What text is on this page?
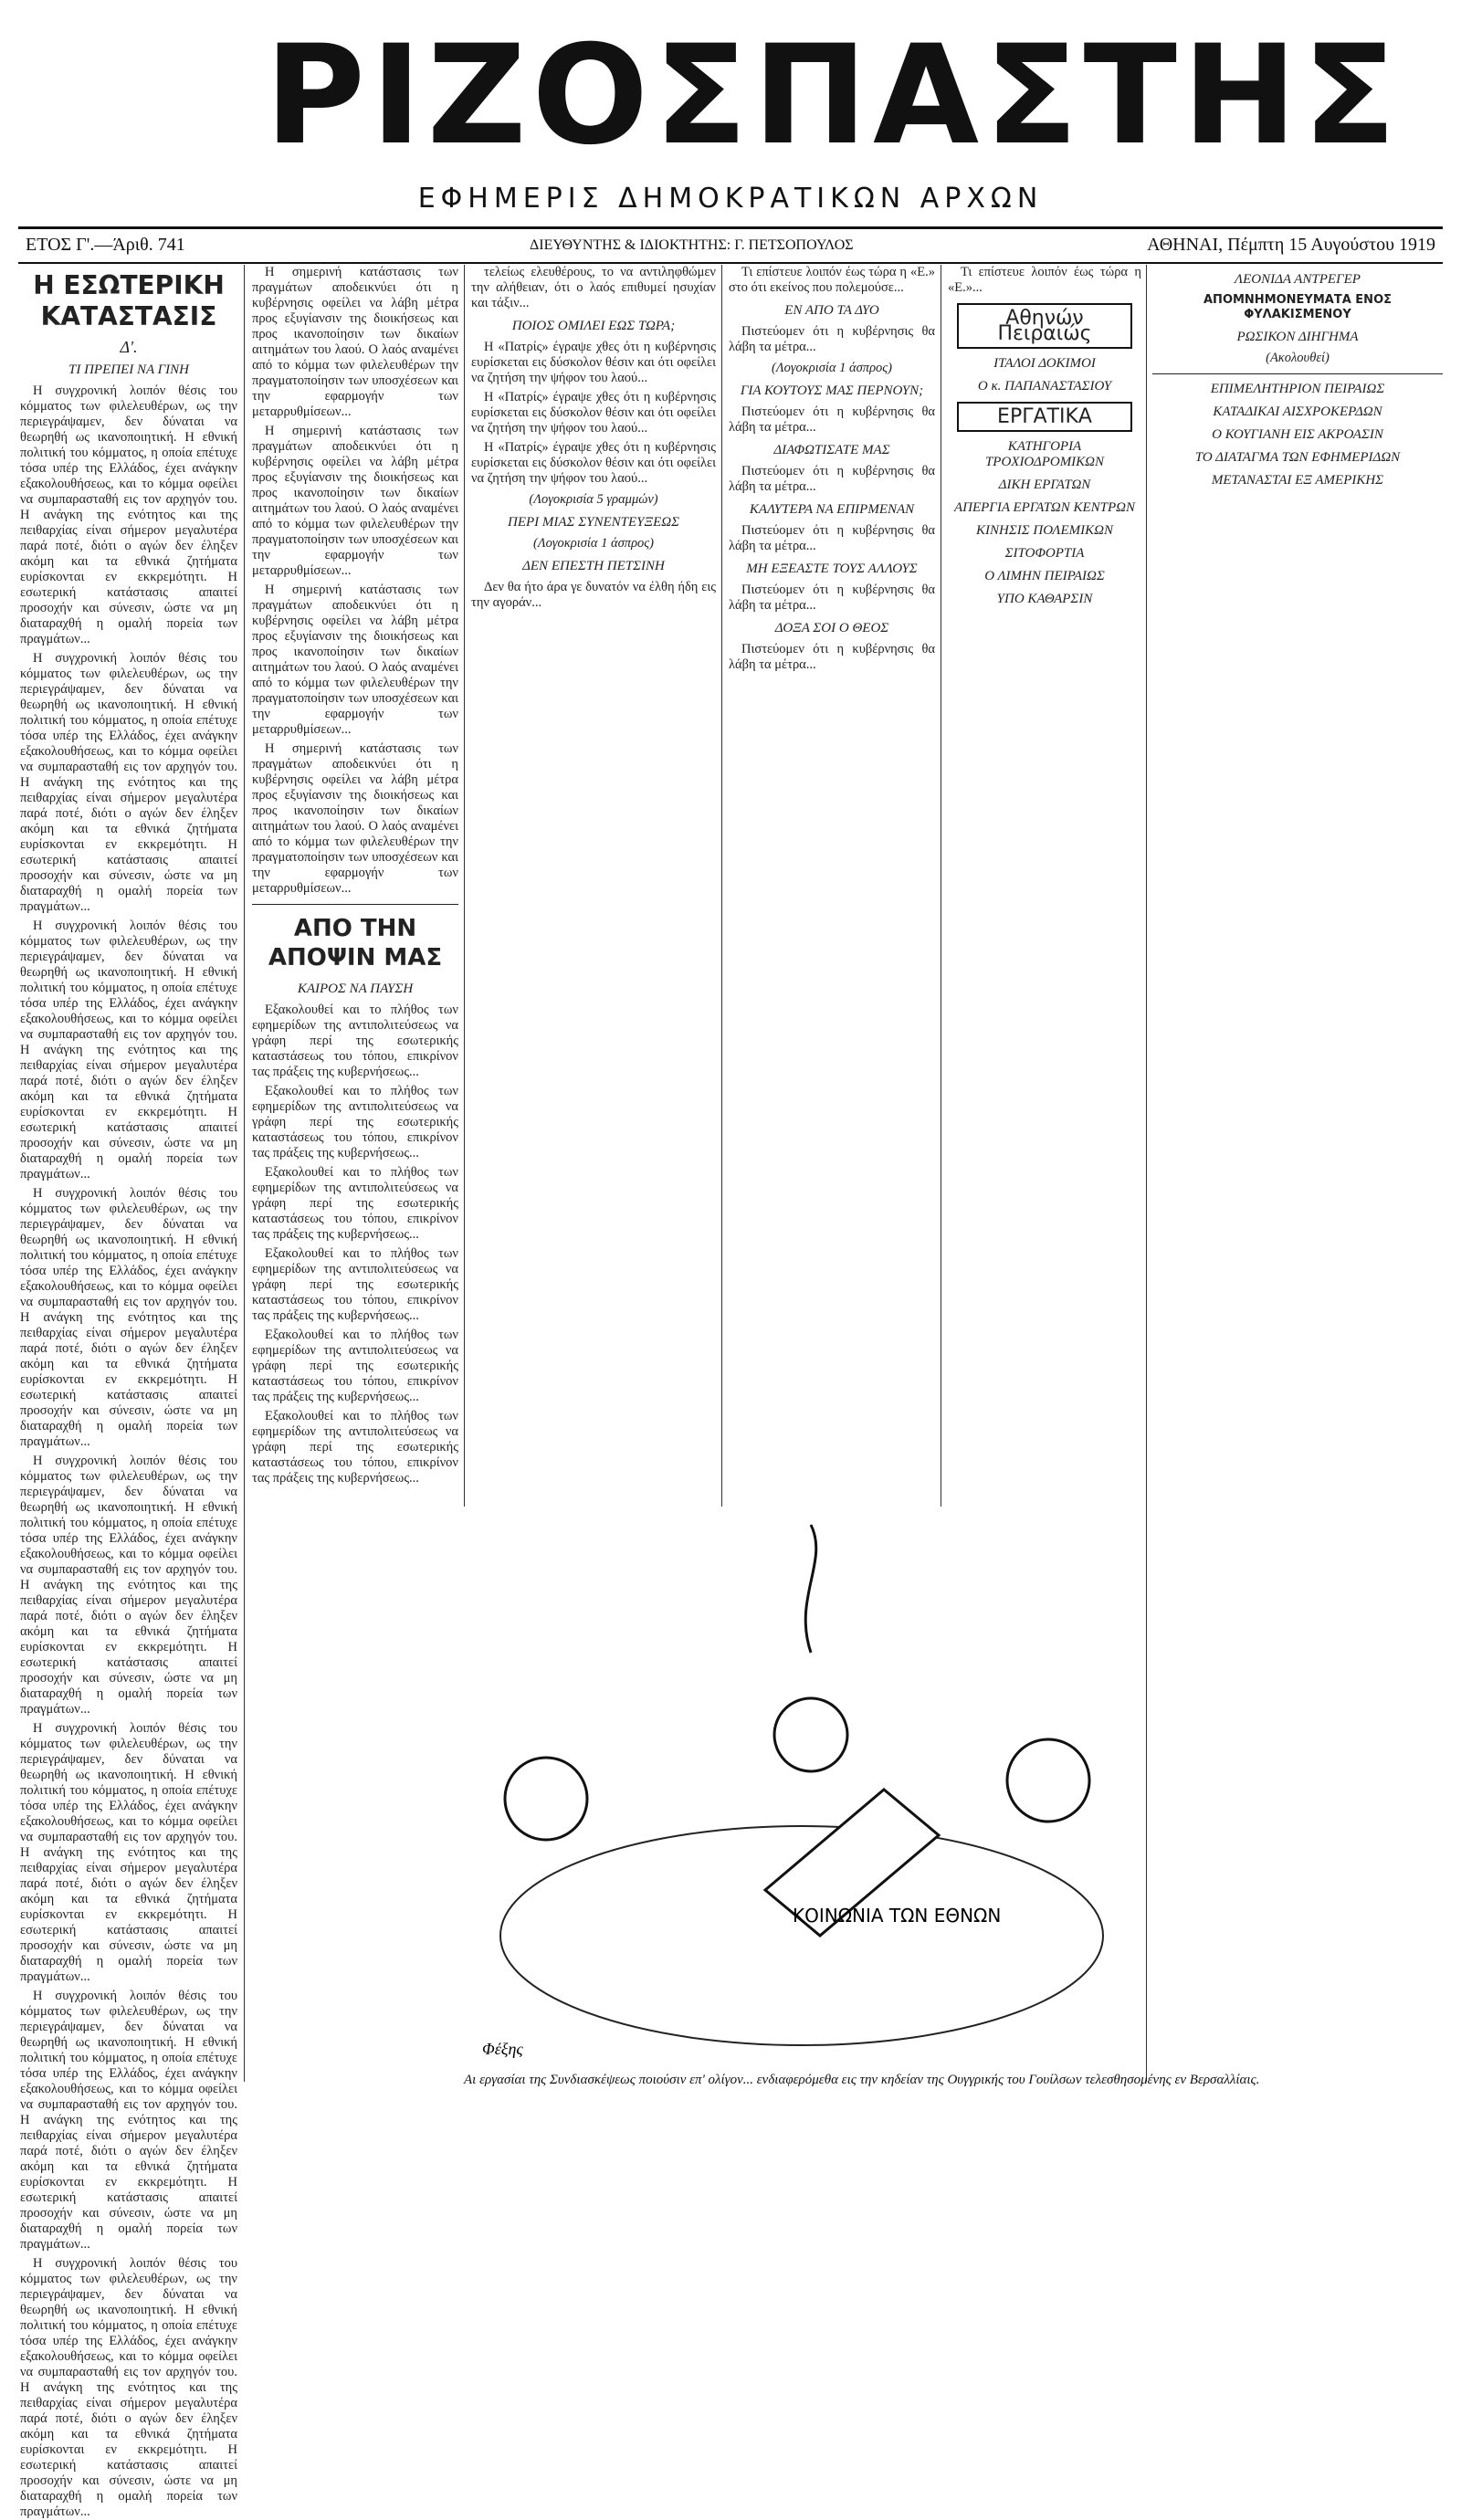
ΡΙΖΟΣΠΑΣΤΗΣ
ΕΦΗΜΕΡΙΣ ΔΗΜΟΚΡΑΤΙΚΩΝ ΑΡΧΩΝ
ΕΤΟΣ Γ'.—Άριθ. 741	ΔΙΕΥΘΥΝΤΗΣ & ΙΔΙΟΚΤΗΤΗΣ: Γ. ΠΕΤΣΟΠΟΥΛΟΣ	ΑΘΗΝΑΙ, Πέμπτη 15 Αυγούστου 1919
Η ΕΣΩΤΕΡΙΚΗ ΚΑΤΑΣΤΑΣΙΣ
Δ'.
ΤΙ ΠΡΕΠΕΙ ΝΑ ΓΙΝΗ

Η συγχρονική λοιπόν θέσις του κόμματος των φιλελευθέρων, ως την περιεγράψαμεν, δεν δύναται να θεωρηθή ως ικανοποιητική. Η εθνική πολιτική του κόμματος, η οποία επέτυχε τόσα υπέρ της Ελλάδος, έχει ανάγκην εξακολουθήσεως, και το κόμμα οφείλει να συμπαρασταθή εις τον αρχηγόν του. Η ανάγκη της ενότητος και της πειθαρχίας είναι σήμερον μεγαλυτέρα παρά ποτέ, διότι ο αγών δεν έληξεν ακόμη και τα εθνικά ζητήματα ευρίσκονται εν εκκρεμότητι. Η εσωτερική κατάστασις απαιτεί προσοχήν και σύνεσιν, ώστε να μη διαταραχθή η ομαλή πορεία των πραγμάτων...

Η συγχρονική λοιπόν θέσις του κόμματος των φιλελευθέρων, ως την περιεγράψαμεν, δεν δύναται να θεωρηθή ως ικανοποιητική. Η εθνική πολιτική του κόμματος, η οποία επέτυχε τόσα υπέρ της Ελλάδος, έχει ανάγκην εξακολουθήσεως, και το κόμμα οφείλει να συμπαρασταθή εις τον αρχηγόν του. Η ανάγκη της ενότητος και της πειθαρχίας είναι σήμερον μεγαλυτέρα παρά ποτέ, διότι ο αγών δεν έληξεν ακόμη και τα εθνικά ζητήματα ευρίσκονται εν εκκρεμότητι. Η εσωτερική κατάστασις απαιτεί προσοχήν και σύνεσιν, ώστε να μη διαταραχθή η ομαλή πορεία των πραγμάτων...

Η συγχρονική λοιπόν θέσις του κόμματος των φιλελευθέρων, ως την περιεγράψαμεν, δεν δύναται να θεωρηθή ως ικανοποιητική. Η εθνική πολιτική του κόμματος, η οποία επέτυχε τόσα υπέρ της Ελλάδος, έχει ανάγκην εξακολουθήσεως, και το κόμμα οφείλει να συμπαρασταθή εις τον αρχηγόν του. Η ανάγκη της ενότητος και της πειθαρχίας είναι σήμερον μεγαλυτέρα παρά ποτέ, διότι ο αγών δεν έληξεν ακόμη και τα εθνικά ζητήματα ευρίσκονται εν εκκρεμότητι. Η εσωτερική κατάστασις απαιτεί προσοχήν και σύνεσιν, ώστε να μη διαταραχθή η ομαλή πορεία των πραγμάτων...

Η συγχρονική λοιπόν θέσις του κόμματος των φιλελευθέρων, ως την περιεγράψαμεν, δεν δύναται να θεωρηθή ως ικανοποιητική. Η εθνική πολιτική του κόμματος, η οποία επέτυχε τόσα υπέρ της Ελλάδος, έχει ανάγκην εξακολουθήσεως, και το κόμμα οφείλει να συμπαρασταθή εις τον αρχηγόν του. Η ανάγκη της ενότητος και της πειθαρχίας είναι σήμερον μεγαλυτέρα παρά ποτέ, διότι ο αγών δεν έληξεν ακόμη και τα εθνικά ζητήματα ευρίσκονται εν εκκρεμότητι. Η εσωτερική κατάστασις απαιτεί προσοχήν και σύνεσιν, ώστε να μη διαταραχθή η ομαλή πορεία των πραγμάτων...

Η συγχρονική λοιπόν θέσις του κόμματος των φιλελευθέρων, ως την περιεγράψαμεν, δεν δύναται να θεωρηθή ως ικανοποιητική. Η εθνική πολιτική του κόμματος, η οποία επέτυχε τόσα υπέρ της Ελλάδος, έχει ανάγκην εξακολουθήσεως, και το κόμμα οφείλει να συμπαρασταθή εις τον αρχηγόν του. Η ανάγκη της ενότητος και της πειθαρχίας είναι σήμερον μεγαλυτέρα παρά ποτέ, διότι ο αγών δεν έληξεν ακόμη και τα εθνικά ζητήματα ευρίσκονται εν εκκρεμότητι. Η εσωτερική κατάστασις απαιτεί προσοχήν και σύνεσιν, ώστε να μη διαταραχθή η ομαλή πορεία των πραγμάτων...

Η συγχρονική λοιπόν θέσις του κόμματος των φιλελευθέρων, ως την περιεγράψαμεν, δεν δύναται να θεωρηθή ως ικανοποιητική. Η εθνική πολιτική του κόμματος, η οποία επέτυχε τόσα υπέρ της Ελλάδος, έχει ανάγκην εξακολουθήσεως, και το κόμμα οφείλει να συμπαρασταθή εις τον αρχηγόν του. Η ανάγκη της ενότητος και της πειθαρχίας είναι σήμερον μεγαλυτέρα παρά ποτέ, διότι ο αγών δεν έληξεν ακόμη και τα εθνικά ζητήματα ευρίσκονται εν εκκρεμότητι. Η εσωτερική κατάστασις απαιτεί προσοχήν και σύνεσιν, ώστε να μη διαταραχθή η ομαλή πορεία των πραγμάτων...

Η συγχρονική λοιπόν θέσις του κόμματος των φιλελευθέρων, ως την περιεγράψαμεν, δεν δύναται να θεωρηθή ως ικανοποιητική. Η εθνική πολιτική του κόμματος, η οποία επέτυχε τόσα υπέρ της Ελλάδος, έχει ανάγκην εξακολουθήσεως, και το κόμμα οφείλει να συμπαρασταθή εις τον αρχηγόν του. Η ανάγκη της ενότητος και της πειθαρχίας είναι σήμερον μεγαλυτέρα παρά ποτέ, διότι ο αγών δεν έληξεν ακόμη και τα εθνικά ζητήματα ευρίσκονται εν εκκρεμότητι. Η εσωτερική κατάστασις απαιτεί προσοχήν και σύνεσιν, ώστε να μη διαταραχθή η ομαλή πορεία των πραγμάτων...

Η συγχρονική λοιπόν θέσις του κόμματος των φιλελευθέρων, ως την περιεγράψαμεν, δεν δύναται να θεωρηθή ως ικανοποιητική. Η εθνική πολιτική του κόμματος, η οποία επέτυχε τόσα υπέρ της Ελλάδος, έχει ανάγκην εξακολουθήσεως, και το κόμμα οφείλει να συμπαρασταθή εις τον αρχηγόν του. Η ανάγκη της ενότητος και της πειθαρχίας είναι σήμερον μεγαλυτέρα παρά ποτέ, διότι ο αγών δεν έληξεν ακόμη και τα εθνικά ζητήματα ευρίσκονται εν εκκρεμότητι. Η εσωτερική κατάστασις απαιτεί προσοχήν και σύνεσιν, ώστε να μη διαταραχθή η ομαλή πορεία των πραγμάτων...

Η σημερινή κατάστασις των πραγμάτων αποδεικνύει ότι η κυβέρνησις οφείλει να λάβη μέτρα προς εξυγίανσιν της διοικήσεως και προς ικανοποίησιν των δικαίων αιτημάτων του λαού. Ο λαός αναμένει από το κόμμα των φιλελευθέρων την πραγματοποίησιν των υποσχέσεων και την εφαρμογήν των μεταρρυθμίσεων...

Η σημερινή κατάστασις των πραγμάτων αποδεικνύει ότι η κυβέρνησις οφείλει να λάβη μέτρα προς εξυγίανσιν της διοικήσεως και προς ικανοποίησιν των δικαίων αιτημάτων του λαού. Ο λαός αναμένει από το κόμμα των φιλελευθέρων την πραγματοποίησιν των υποσχέσεων και την εφαρμογήν των μεταρρυθμίσεων...

Η σημερινή κατάστασις των πραγμάτων αποδεικνύει ότι η κυβέρνησις οφείλει να λάβη μέτρα προς εξυγίανσιν της διοικήσεως και προς ικανοποίησιν των δικαίων αιτημάτων του λαού. Ο λαός αναμένει από το κόμμα των φιλελευθέρων την πραγματοποίησιν των υποσχέσεων και την εφαρμογήν των μεταρρυθμίσεων...

Η σημερινή κατάστασις των πραγμάτων αποδεικνύει ότι η κυβέρνησις οφείλει να λάβη μέτρα προς εξυγίανσιν της διοικήσεως και προς ικανοποίησιν των δικαίων αιτημάτων του λαού. Ο λαός αναμένει από το κόμμα των φιλελευθέρων την πραγματοποίησιν των υποσχέσεων και την εφαρμογήν των μεταρρυθμίσεων...

ΑΠΟ ΤΗΝ ΑΠΟΨΙΝ ΜΑΣ
ΚΑΙΡΟΣ ΝΑ ΠΑΥΣΗ

Εξακολουθεί και το πλήθος των εφημερίδων της αντιπολιτεύσεως να γράφη περί της εσωτερικής καταστάσεως του τόπου, επικρίνον τας πράξεις της κυβερνήσεως...

Εξακολουθεί και το πλήθος των εφημερίδων της αντιπολιτεύσεως να γράφη περί της εσωτερικής καταστάσεως του τόπου, επικρίνον τας πράξεις της κυβερνήσεως...

Εξακολουθεί και το πλήθος των εφημερίδων της αντιπολιτεύσεως να γράφη περί της εσωτερικής καταστάσεως του τόπου, επικρίνον τας πράξεις της κυβερνήσεως...

Εξακολουθεί και το πλήθος των εφημερίδων της αντιπολιτεύσεως να γράφη περί της εσωτερικής καταστάσεως του τόπου, επικρίνον τας πράξεις της κυβερνήσεως...

Εξακολουθεί και το πλήθος των εφημερίδων της αντιπολιτεύσεως να γράφη περί της εσωτερικής καταστάσεως του τόπου, επικρίνον τας πράξεις της κυβερνήσεως...

Εξακολουθεί και το πλήθος των εφημερίδων της αντιπολιτεύσεως να γράφη περί της εσωτερικής καταστάσεως του τόπου, επικρίνον τας πράξεις της κυβερνήσεως...

τελείως ελευθέρους, το να αντιληφθώμεν την αλήθειαν, ότι ο λαός επιθυμεί ησυχίαν και τάξιν...

ΠΟΙΟΣ ΟΜΙΛΕΙ ΕΩΣ ΤΩΡΑ;

Η «Πατρίς» έγραψε χθες ότι η κυβέρνησις ευρίσκεται εις δύσκολον θέσιν και ότι οφείλει να ζητήση την ψήφον του λαού...

Η «Πατρίς» έγραψε χθες ότι η κυβέρνησις ευρίσκεται εις δύσκολον θέσιν και ότι οφείλει να ζητήση την ψήφον του λαού...

Η «Πατρίς» έγραψε χθες ότι η κυβέρνησις ευρίσκεται εις δύσκολον θέσιν και ότι οφείλει να ζητήση την ψήφον του λαού...

(Λογοκρισία 5 γραμμών)
ΠΕΡΙ ΜΙΑΣ ΣΥΝΕΝΤΕΥΞΕΩΣ
(Λογοκρισία 1 άσπρος)
ΔΕΝ ΕΠΕΣΤΗ ΠΕΤΣΙΝΗ

Δεν θα ήτο άρα γε δυνατόν να έλθη ήδη εις την αγοράν...

Τι επίστευε λοιπόν έως τώρα η «Ε.» στο ότι εκείνος που πολεμούσε...

ΕΝ ΑΠΟ ΤΑ ΔΥΟ

Πιστεύομεν ότι η κυβέρνησις θα λάβη τα μέτρα...

(Λογοκρισία 1 άσπρος)
ΓΙΑ ΚΟΥΤΟΥΣ ΜΑΣ ΠΕΡΝΟΥΝ;

Πιστεύομεν ότι η κυβέρνησις θα λάβη τα μέτρα...

ΔΙΑΦΩΤΙΣΑΤΕ ΜΑΣ

Πιστεύομεν ότι η κυβέρνησις θα λάβη τα μέτρα...

ΚΑΛΥΤΕΡΑ ΝΑ ΕΠΙΡΜΕΝΑΝ

Πιστεύομεν ότι η κυβέρνησις θα λάβη τα μέτρα...

ΜΗ ΕΞΕΑΣΤΕ ΤΟΥΣ ΑΛΛΟΥΣ

Πιστεύομεν ότι η κυβέρνησις θα λάβη τα μέτρα...

ΔΟΞΑ ΣΟΙ Ο ΘΕΟΣ

Πιστεύομεν ότι η κυβέρνησις θα λάβη τα μέτρα...

Τι επίστευε λοιπόν έως τώρα η «Ε.»...

Αθηνών Πειραιώς
ΙΤΑΛΟΙ ΔΟΚΙΜΟΙ
Ο κ. ΠΑΠΑΝΑΣΤΑΣΙΟΥ
ΕΡΓΑΤΙΚΑ
ΚΑΤΗΓΟΡΙΑ ΤΡΟΧΙΟΔΡΟΜΙΚΩΝ
ΔΙΚΗ ΕΡΓΑΤΩΝ
ΑΠΕΡΓΙΑ ΕΡΓΑΤΩΝ ΚΕΝΤΡΩΝ
ΚΙΝΗΣΙΣ ΠΟΛΕΜΙΚΩΝ
ΣΙΤΟΦΟΡΤΙΑ
Ο ΛΙΜΗΝ ΠΕΙΡΑΙΩΣ
ΥΠΟ ΚΑΘΑΡΣΙΝ
ΛΕΟΝΙΔΑ ΑΝΤΡΕΓΕΡ
ΑΠΟΜΝΗΜΟΝΕΥΜΑΤΑ ΕΝΟΣ ΦΥΛΑΚΙΣΜΕΝΟΥ
ΡΩΣΙΚΟΝ ΔΙΗΓΗΜΑ
(Ακολουθεί)
ΕΠΙΜΕΛΗΤΗΡΙΟΝ ΠΕΙΡΑΙΩΣ
ΚΑΤΑΔΙΚΑΙ ΑΙΣΧΡΟΚΕΡΔΩΝ
Ο ΚΟΥΓΙΑΝΗ ΕΙΣ ΑΚΡΟΑΣΙΝ
ΤΟ ΔΙΑΤΑΓΜΑ ΤΩΝ ΕΦΗΜΕΡΙΔΩΝ
ΜΕΤΑΝΑΣΤΑΙ ΕΞ ΑΜΕΡΙΚΗΣ
ΚΟΙΝΩΝΙΑ ΤΩΝ ΕΘΝΩΝ
Φέξης
Αι εργασίαι της Συνδιασκέψεως ποιούσιν επ' ολίγον... ενδιαφερόμεθα εις την κηδείαν της Ουγγρικής του Γουίλσων τελεσθησομένης εν Βερσαλλίαις.
